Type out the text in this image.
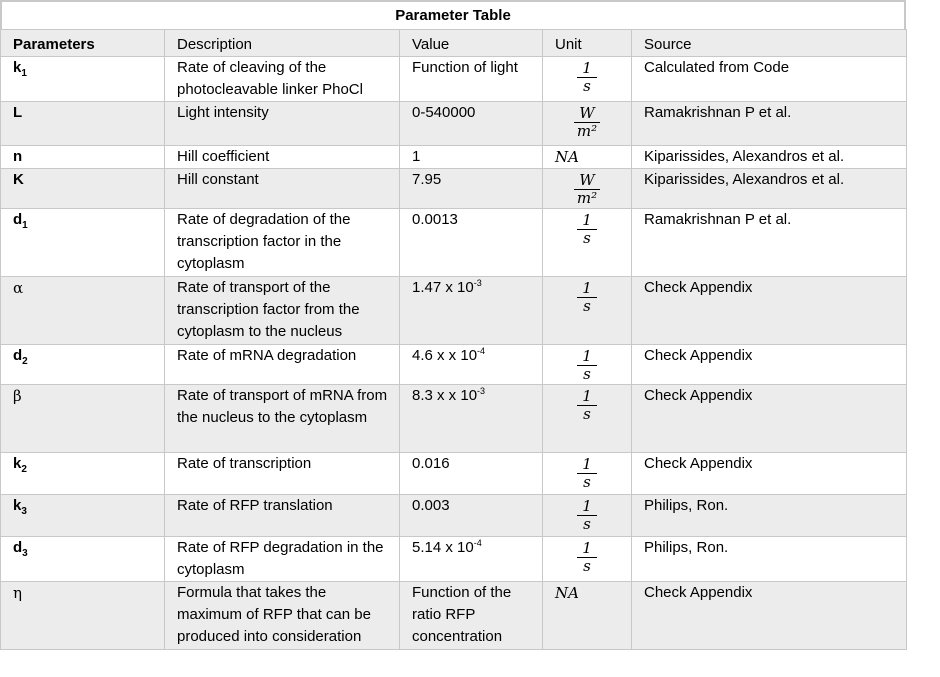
Parameter Table
Parameters	Description	Value	Unit	Source
$k_1$	Rate of cleaving of the photocleavable linker PhoCl	Function of light	$\frac{1}{s}$	Calculated from Code
L	Light intensity	0-540000	$\frac{W}{\text{m²}}$	Ramakrishnan P et al.
n	Hill coefficient	1	NA	Kiparissides, Alexandros et al.
K	Hill constant	7.95	$\frac{W}{\text{m²}}$	Kiparissides, Alexandros et al.
$d_1$	Rate of degradation of the transcription factor in the cytoplasm	0.0013	$\frac{1}{s}$	Ramakrishnan P et al.
α	Rate of transport of the transcription factor from the cytoplasm to the nucleus	1.47 x $10^{-3}$	$\frac{1}{s}$	Check Appendix
$d_2$	Rate of mRNA degradation	4.6 x x $10^{-4}$	$\frac{1}{s}$	Check Appendix
β	Rate of transport of mRNA from the nucleus to the cytoplasm	8.3 x x $10^{-3}$	$\frac{1}{s}$	Check Appendix
$k_2$	Rate of transcription	0.016	$\frac{1}{s}$	Check Appendix
$k_3$	Rate of RFP translation	0.003	$\frac{1}{s}$	Philips, Ron.
$d_3$	Rate of RFP degradation in the cytoplasm	5.14 x $10^{-4}$	$\frac{1}{s}$	Philips, Ron.
η	Formula that takes the maximum of RFP that can be produced into consideration	Function of the ratio RFP concentration	NA	Check Appendix
